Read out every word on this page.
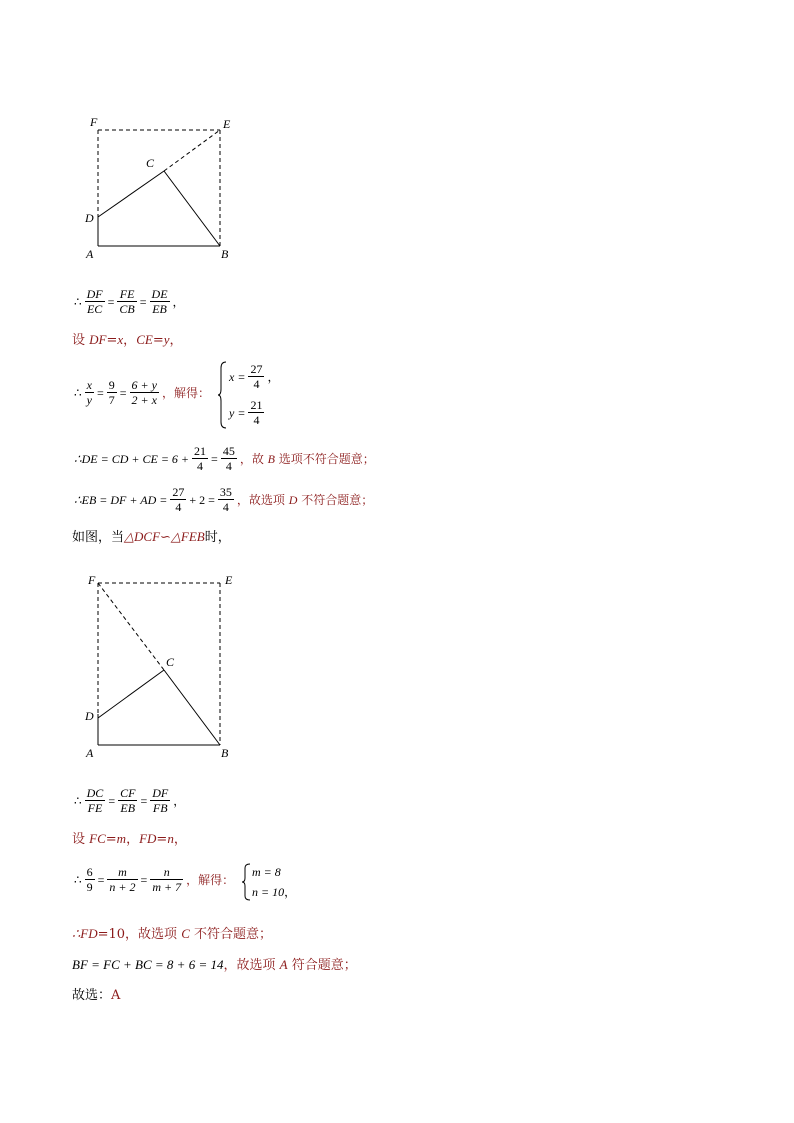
F	E
C
D
A	B
∴ $\frac{DF}{EC} = \frac{FE}{CB} = \frac{DE}{EB}$ ，
设 DF=x，CE=y，
∴ $\frac{x}{y} = \frac{9}{7} = \frac{6 + y}{2 + x}$ ，解得：
$x = \frac{27}{4}$ ，
$y = \frac{21}{4}$
∴DE = CD + CE = $6 + \frac{21}{4} = \frac{45}{4}$ ，故 B 选项不符合题意；
∴EB = DF + AD = $\frac{27}{4} + 2 = \frac{35}{4}$ ，故选项 D 不符合题意；
如图，当△DCF∽△FEB时，
F	E
C
D
A	B
∴ $\frac{DC}{FE} = \frac{CF}{EB} = \frac{DF}{FB}$ ，
设 FC=m，FD=n，
∴ $\frac{6}{9} = \frac{m}{n + 2} = \frac{n}{m + 7}$ ，解得：
m = 8
n = 10，
∴FD=10，故选项 C 不符合题意；
BF = FC + BC = 8 + 6 = 14，故选项 A 符合题意；
故选：A
